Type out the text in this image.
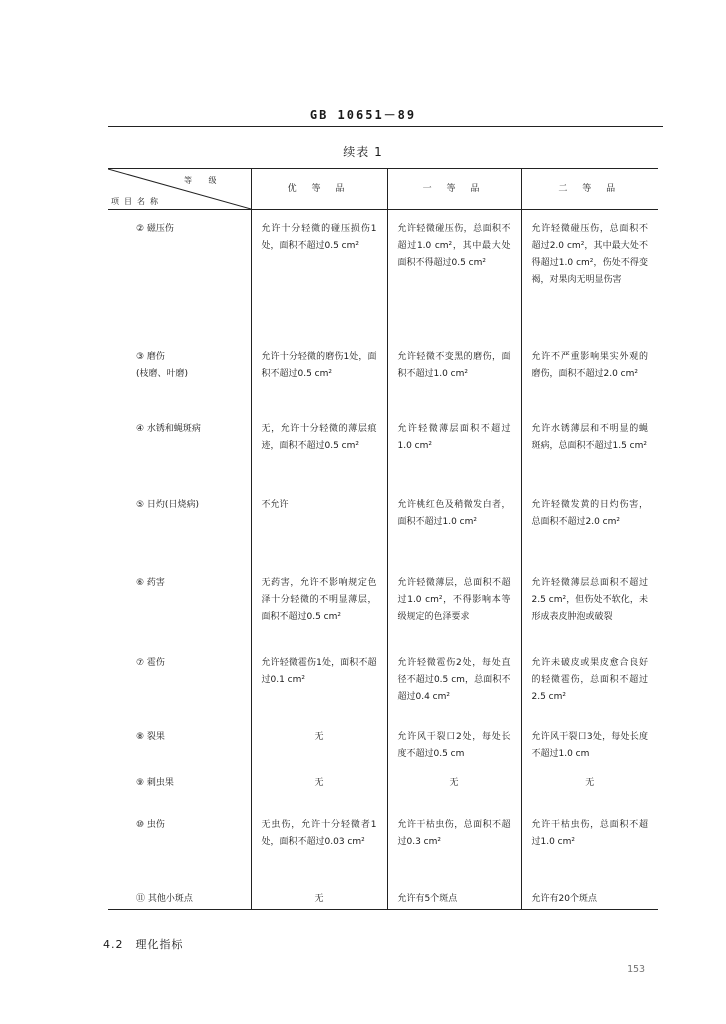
GB 10651－89
续表 1
等 级
项目名称	优 等 品	一 等 品	二 等 品

② 磁压伤	允许十分轻微的碰压损伤1处，面积不超过0.5 cm²	允许轻微碰压伤，总面积不超过1.0 cm²，其中最大处面积不得超过0.5 cm²	允许轻微碰压伤，总面积不超过2.0 cm²，其中最大处不得超过1.0 cm²，伤处不得变褐，对果肉无明显伤害

③ 磨伤
(枝磨、叶磨)	允许十分轻微的磨伤1处，面积不超过0.5 cm²	允许轻微不变黑的磨伤，面积不超过1.0 cm²	允许不严重影响果实外观的磨伤，面积不超过2.0 cm²

④ 水锈和蝇斑病	无，允许十分轻微的薄层痕迹，面积不超过0.5 cm²	允许轻微薄层面积不超过1.0 cm²	允许水锈薄层和不明显的蝇斑病，总面积不超过1.5 cm²

⑤ 日灼(日烧病)	不允许	允许桃红色及稍微发白者，面积不超过1.0 cm²	允许轻微发黄的日灼伤害，总面积不超过2.0 cm²

⑥ 药害	无药害，允许不影响规定色泽十分轻微的不明显薄层，面积不超过0.5 cm²	允许轻微薄层，总面积不超过1.0 cm²，不得影响本等级规定的色泽要求	允许轻微薄层总面积不超过2.5 cm²，但伤处不软化，未形成表皮肿泡或破裂

⑦ 雹伤	允许轻微雹伤1处，面积不超过0.1 cm²	允许轻微雹伤2处，每处直径不超过0.5 cm，总面积不超过0.4 cm²	允许未破皮或果皮愈合良好的轻微雹伤，总面积不超过2.5 cm²

⑧ 裂果	无	允许风干裂口2处，每处长度不超过0.5 cm	允许风干裂口3处，每处长度不超过1.0 cm

⑨ 刺虫果	无	无	无

⑩ 虫伤	无虫伤，允许十分轻微者1处，面积不超过0.03 cm²	允许干枯虫伤，总面积不超过0.3 cm²	允许干枯虫伤，总面积不超过1.0 cm²

⑪ 其他小斑点	无	允许有5个斑点	允许有20个斑点
4.2　理化指标
153
